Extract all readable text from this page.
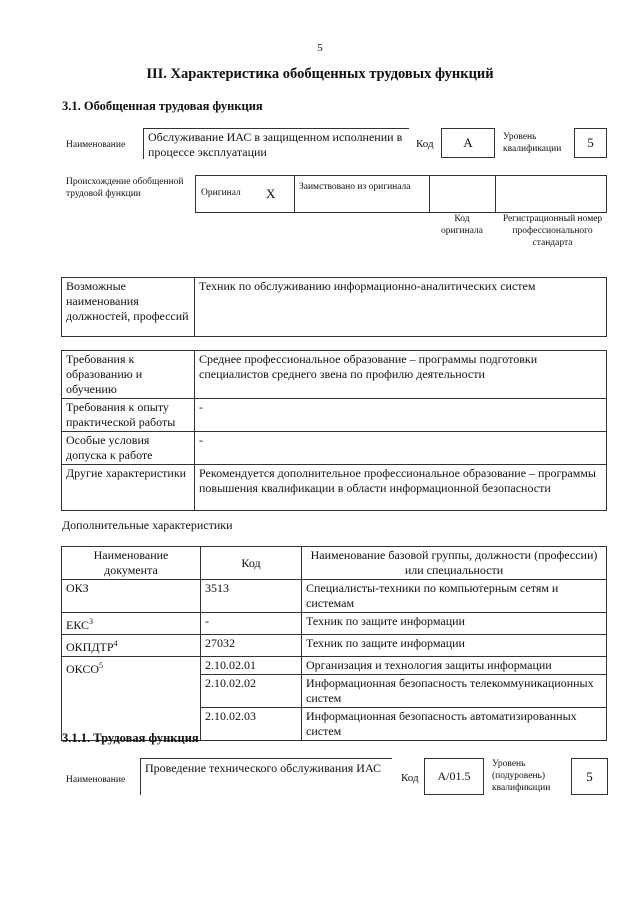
5
III. Характеристика обобщенных трудовых функций
3.1. Обобщенная трудовая функция
Наименование
Обслуживание ИАС в защищенном исполнении в процессе эксплуатации
Код	A	Уровень квалификации	5
Происхождение обобщенной трудовой функции	Оригинал X Заимствовано из оригинала
Код оригинала
Регистрационный номер профессионального стандарта
Возможные наименования должностей, профессий	Техник по обслуживанию информационно-аналитических систем
Требования к образованию и обучению	Среднее профессиональное образование – программы подготовки специалистов среднего звена по профилю деятельности
Требования к опыту практической работы	-
Особые условия допуска к работе	-
Другие характеристики	Рекомендуется дополнительное профессиональное образование – программы повышения квалификации в области информационной безопасности
Дополнительные характеристики
Наименование документа	Код	Наименование базовой группы, должности (профессии) или специальности
ОКЗ	3513	Специалисты-техники по компьютерным сетям и системам
ЕКС$^3$	-	Техник по защите информации
ОКПДТР$^4$	27032	Техник по защите информации
ОКСО$^5$	2.10.02.01	Организация и технология защиты информации
	2.10.02.02	Информационная безопасность телекоммуникационных систем
	2.10.02.03	Информационная безопасность автоматизированных систем
3.1.1. Трудовая функция
Наименование
Проведение технического обслуживания ИАС
Код	A/01.5
Уровень (подуровень) квалификации
5
